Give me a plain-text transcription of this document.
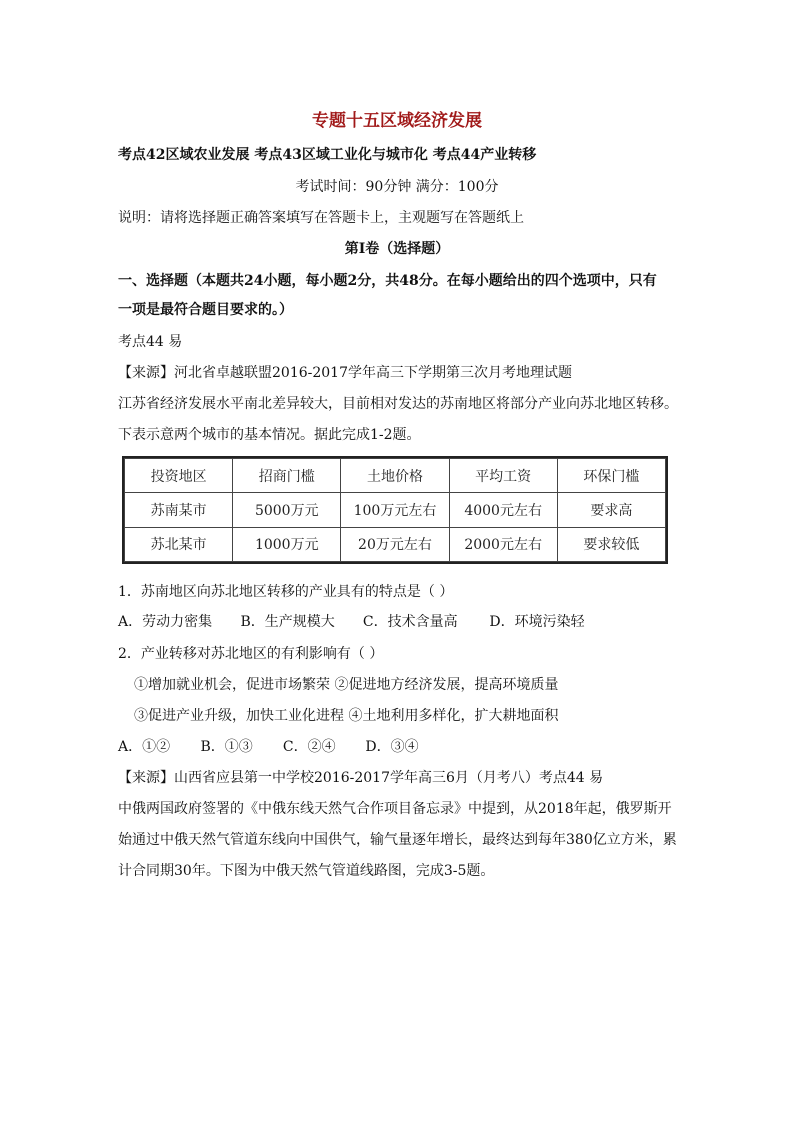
专题十五区域经济发展
考点42区域农业发展 考点43区域工业化与城市化 考点44产业转移
考试时间：90分钟 满分：100分
说明：请将选择题正确答案填写在答题卡上，主观题写在答题纸上
第I卷（选择题）
一、选择题（本题共24小题，每小题2分，共48分。在每小题给出的四个选项中，只有
一项是最符合题目要求的。）
考点44 易
【来源】河北省卓越联盟2016-2017学年高三下学期第三次月考地理试题
江苏省经济发展水平南北差异较大，目前相对发达的苏南地区将部分产业向苏北地区转移。
下表示意两个城市的基本情况。据此完成1-2题。
投资地区	招商门槛	土地价格	平均工资	环保门槛
苏南某市	5000万元	100万元左右	4000元左右	要求高
苏北某市	1000万元	20万元左右	2000元左右	要求较低
1．苏南地区向苏北地区转移的产业具有的特点是（ ）
A．劳动力密集 B．生产规模大 C．技术含量高 D．环境污染轻
2．产业转移对苏北地区的有利影响有（ ）
①增加就业机会，促进市场繁荣 ②促进地方经济发展，提高环境质量
③促进产业升级，加快工业化进程 ④土地利用多样化，扩大耕地面积
A．①② B．①③ C．②④ D．③④
【来源】山西省应县第一中学校2016-2017学年高三6月（月考八）考点44 易
中俄两国政府签署的《中俄东线天然气合作项目备忘录》中提到，从2018年起，俄罗斯开
始通过中俄天然气管道东线向中国供气，输气量逐年增长，最终达到每年380亿立方米，累
计合同期30年。下图为中俄天然气管道线路图，完成3-5题。
